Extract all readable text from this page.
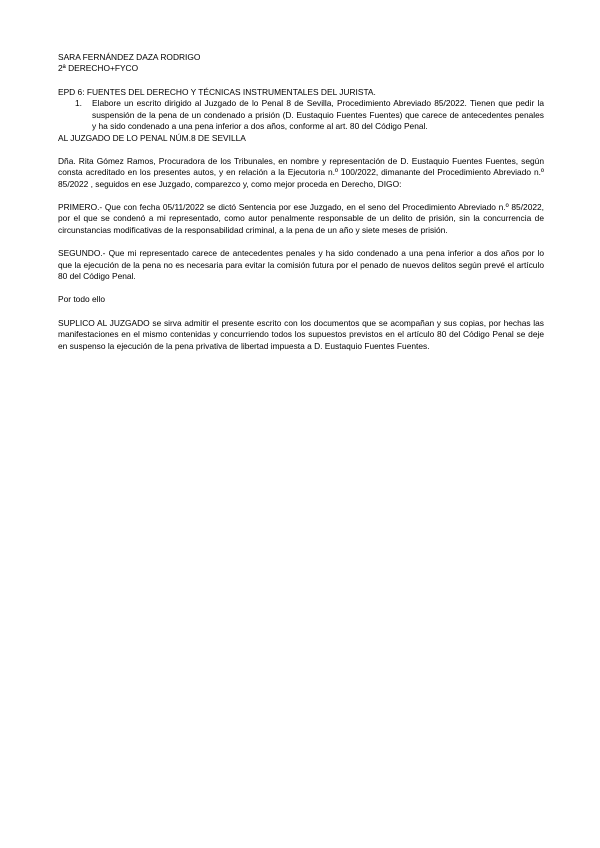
SARA FERNÁNDEZ DAZA RODRIGO

2ª DERECHO+FYCO

EPD 6: FUENTES DEL DERECHO Y TÉCNICAS INSTRUMENTALES DEL JURISTA.

1. Elabore un escrito dirigido al Juzgado de lo Penal 8 de Sevilla, Procedimiento Abreviado 85/2022. Tienen que pedir la suspensión de la pena de un condenado a prisión (D. Eustaquio Fuentes Fuentes) que carece de antecedentes penales y ha sido condenado a una pena inferior a dos años, conforme al art. 80 del Código Penal.

AL JUZGADO DE LO PENAL NÚM.8 DE SEVILLA

Dña. Rita Gómez Ramos, Procuradora de los Tribunales, en nombre y representación de D. Eustaquio Fuentes Fuentes, según consta acreditado en los presentes autos, y en relación a la Ejecutoria n.º 100/2022, dimanante del Procedimiento Abreviado n.º 85/2022 , seguidos en ese Juzgado, comparezco y, como mejor proceda en Derecho, DIGO:

PRIMERO.- Que con fecha 05/11/2022 se dictó Sentencia por ese Juzgado, en el seno del Procedimiento Abreviado n.º 85/2022, por el que se condenó a mi representado, como autor penalmente responsable de un delito de prisión, sin la concurrencia de circunstancias modificativas de la responsabilidad criminal, a la pena de un año y siete meses de prisión.

SEGUNDO.- Que mi representado carece de antecedentes penales y ha sido condenado a una pena inferior a dos años por lo que la ejecución de la pena no es necesaria para evitar la comisión futura por el penado de nuevos delitos según prevé el artículo 80 del Código Penal.

Por todo ello

SUPLICO AL JUZGADO se sirva admitir el presente escrito con los documentos que se acompañan y sus copias, por hechas las manifestaciones en el mismo contenidas y concurriendo todos los supuestos previstos en el artículo 80 del Código Penal se deje en suspenso la ejecución de la pena privativa de libertad impuesta a D. Eustaquio Fuentes Fuentes.
